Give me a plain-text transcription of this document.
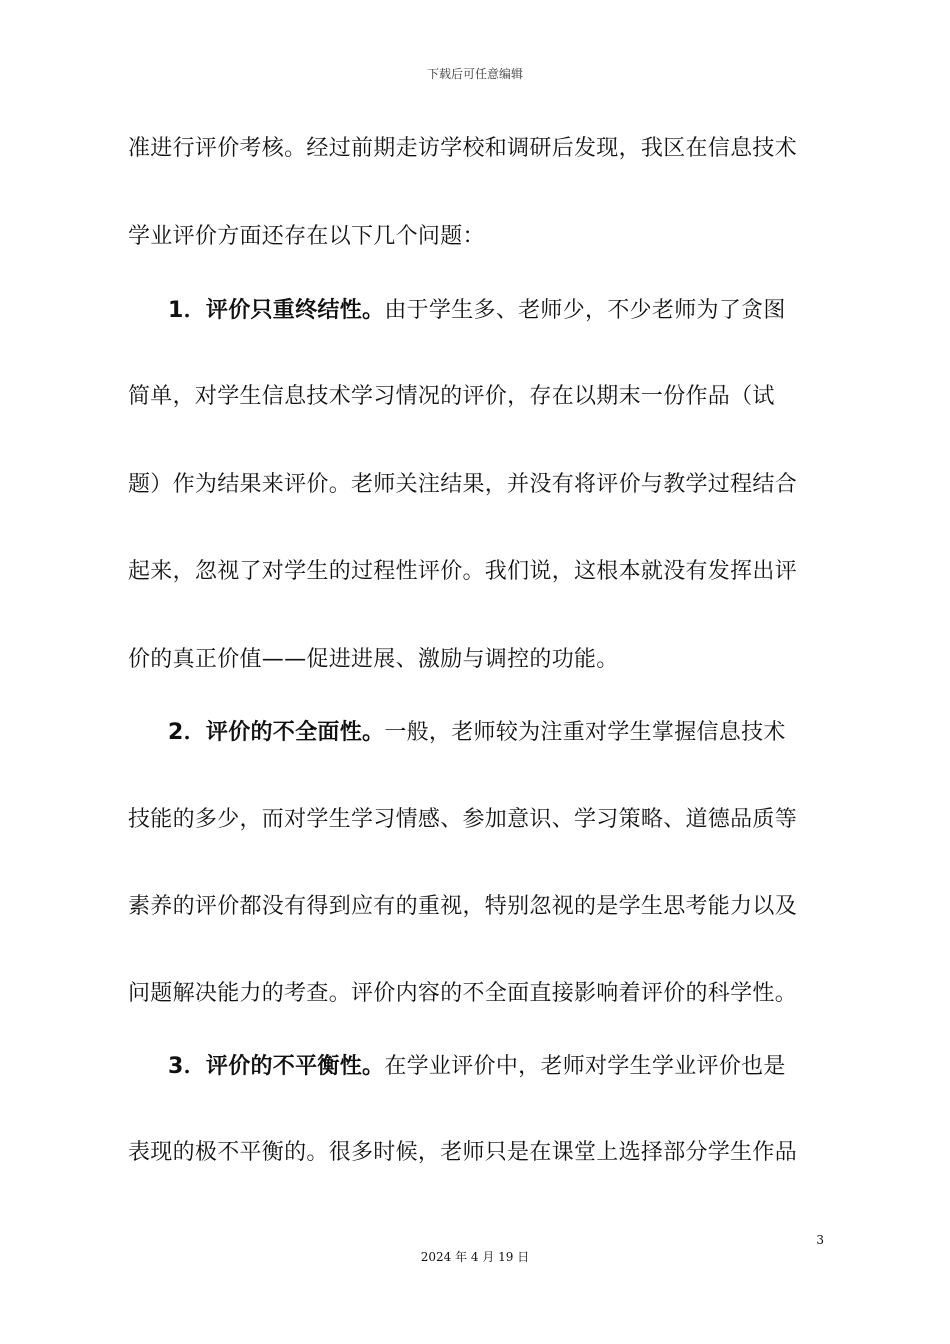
下载后可任意编辑
准进行评价考核。经过前期走访学校和调研后发现，我区在信息技术
学业评价方面还存在以下几个问题：
1．评价只重终结性。由于学生多、老师少，不少老师为了贪图
简单，对学生信息技术学习情况的评价，存在以期末一份作品（试
题）作为结果来评价。老师关注结果，并没有将评价与教学过程结合
起来，忽视了对学生的过程性评价。我们说，这根本就没有发挥出评
价的真正价值——促进进展、激励与调控的功能。
2．评价的不全面性。一般，老师较为注重对学生掌握信息技术
技能的多少，而对学生学习情感、参加意识、学习策略、道德品质等
素养的评价都没有得到应有的重视，特别忽视的是学生思考能力以及
问题解决能力的考查。评价内容的不全面直接影响着评价的科学性。
3．评价的不平衡性。在学业评价中，老师对学生学业评价也是
表现的极不平衡的。很多时候，老师只是在课堂上选择部分学生作品
3
2024 年 4 月 19 日
